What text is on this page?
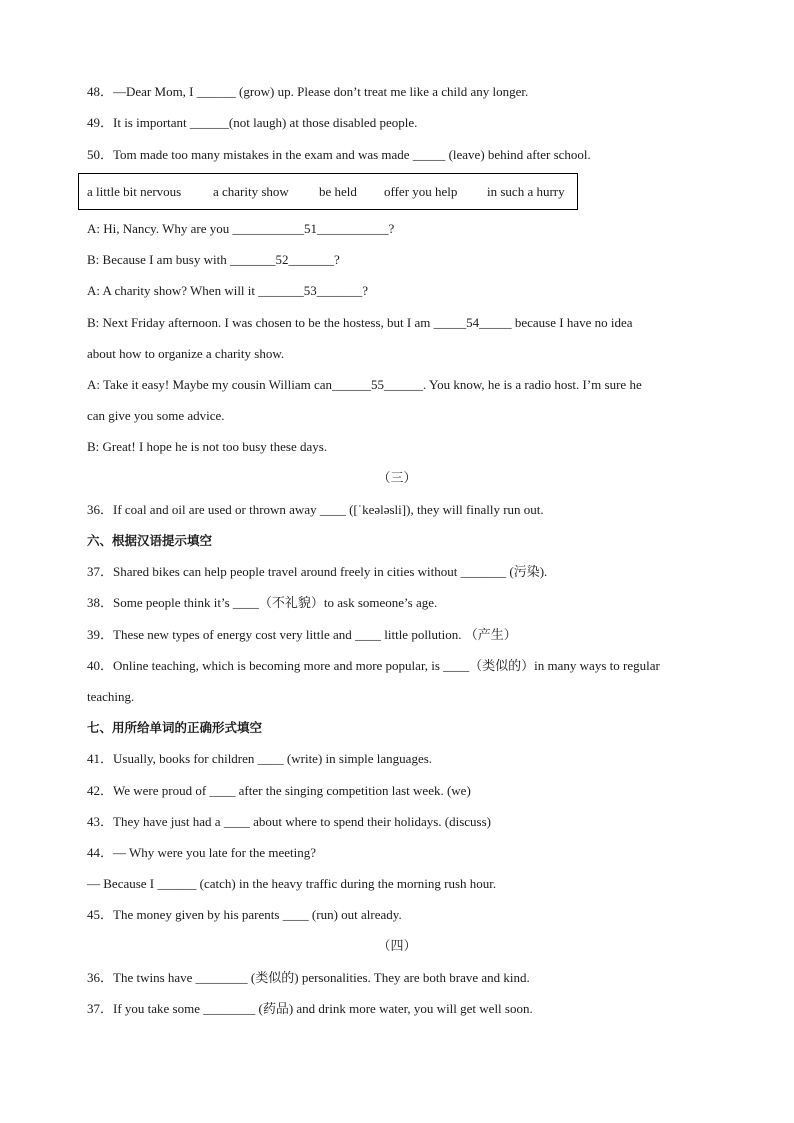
48．—Dear Mom, I ______ (grow) up. Please don’t treat me like a child any longer.
49．It is important ______(not laugh) at those disabled people.
50．Tom made too many mistakes in the exam and was made _____ (leave) behind after school.
a little bit nervous a charity show be held offer you help in such a hurry
A: Hi, Nancy. Why are you ___________51___________?
B: Because I am busy with _______52_______?
A: A charity show? When will it _______53_______?
B: Next Friday afternoon. I was chosen to be the hostess, but I am _____54_____ because I have no idea
about how to organize a charity show.
A: Take it easy! Maybe my cousin William can______55______. You know, he is a radio host. I’m sure he
can give you some advice.
B: Great! I hope he is not too busy these days.
（三）
36．If coal and oil are used or thrown away ____ ([ˈkeələsli]), they will finally run out.
六、根据汉语提示填空
37．Shared bikes can help people travel around freely in cities without _______ (污染).
38．Some people think it’s ____（不礼貌）to ask someone’s age.
39．These new types of energy cost very little and ____ little pollution. （产生）
40．Online teaching, which is becoming more and more popular, is ____（类似的）in many ways to regular
teaching.
七、用所给单词的正确形式填空
41．Usually, books for children ____ (write) in simple languages.
42．We were proud of ____ after the singing competition last week. (we)
43．They have just had a ____ about where to spend their holidays. (discuss)
44．— Why were you late for the meeting?
— Because I ______ (catch) in the heavy traffic during the morning rush hour.
45．The money given by his parents ____ (run) out already.
（四）
36．The twins have ________ (类似的) personalities. They are both brave and kind.
37．If you take some ________ (药品) and drink more water, you will get well soon.
